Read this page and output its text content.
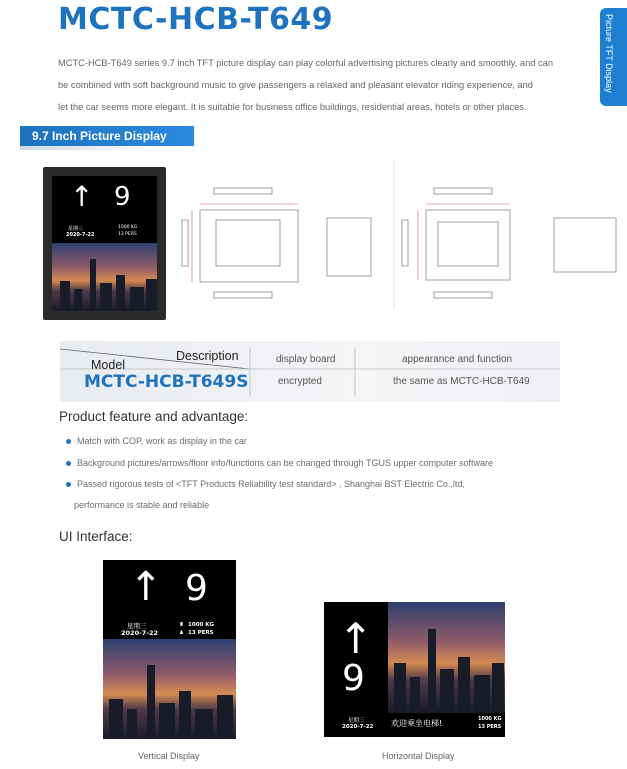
MCTC-HCB-T649	Picture TFT Display
MCTC-HCB-T649 series 9.7 inch TFT picture display can play colorful advertising pictures clearly and smoothly, and can
be combined with soft background music to give passengers a relaxed and pleasant elevator riding experience, and
let the car seems more elegant. It is suitable for business office buildings, residential areas, hotels or other places.
9.7 Inch Picture Display
↑ 9
星期三
2020-7-22
1000 KG
13 PERS
Description
Model	display board	appearance and function
MCTC-HCB-T649S	encrypted	the same as MCTC-HCB-T649
Product feature and advantage:
Match with COP, work as display in the car
Background pictures/arrows/floor info/functions can be changed through TGUS upper computer software
Passed rigorous tests of <TFT Products Reliability test standard> , Shanghai BST Electric Co.,ltd,
performance is stable and reliable
UI Interface:
↑ 9
星期三
2020-7-22
♜ 1000 KG
♟ 13 PERS
Vertical Display
↑
9
星期三
2020-7-22 欢迎乘坐电梯!	1000 KG
13 PERS
Horizontal Display
